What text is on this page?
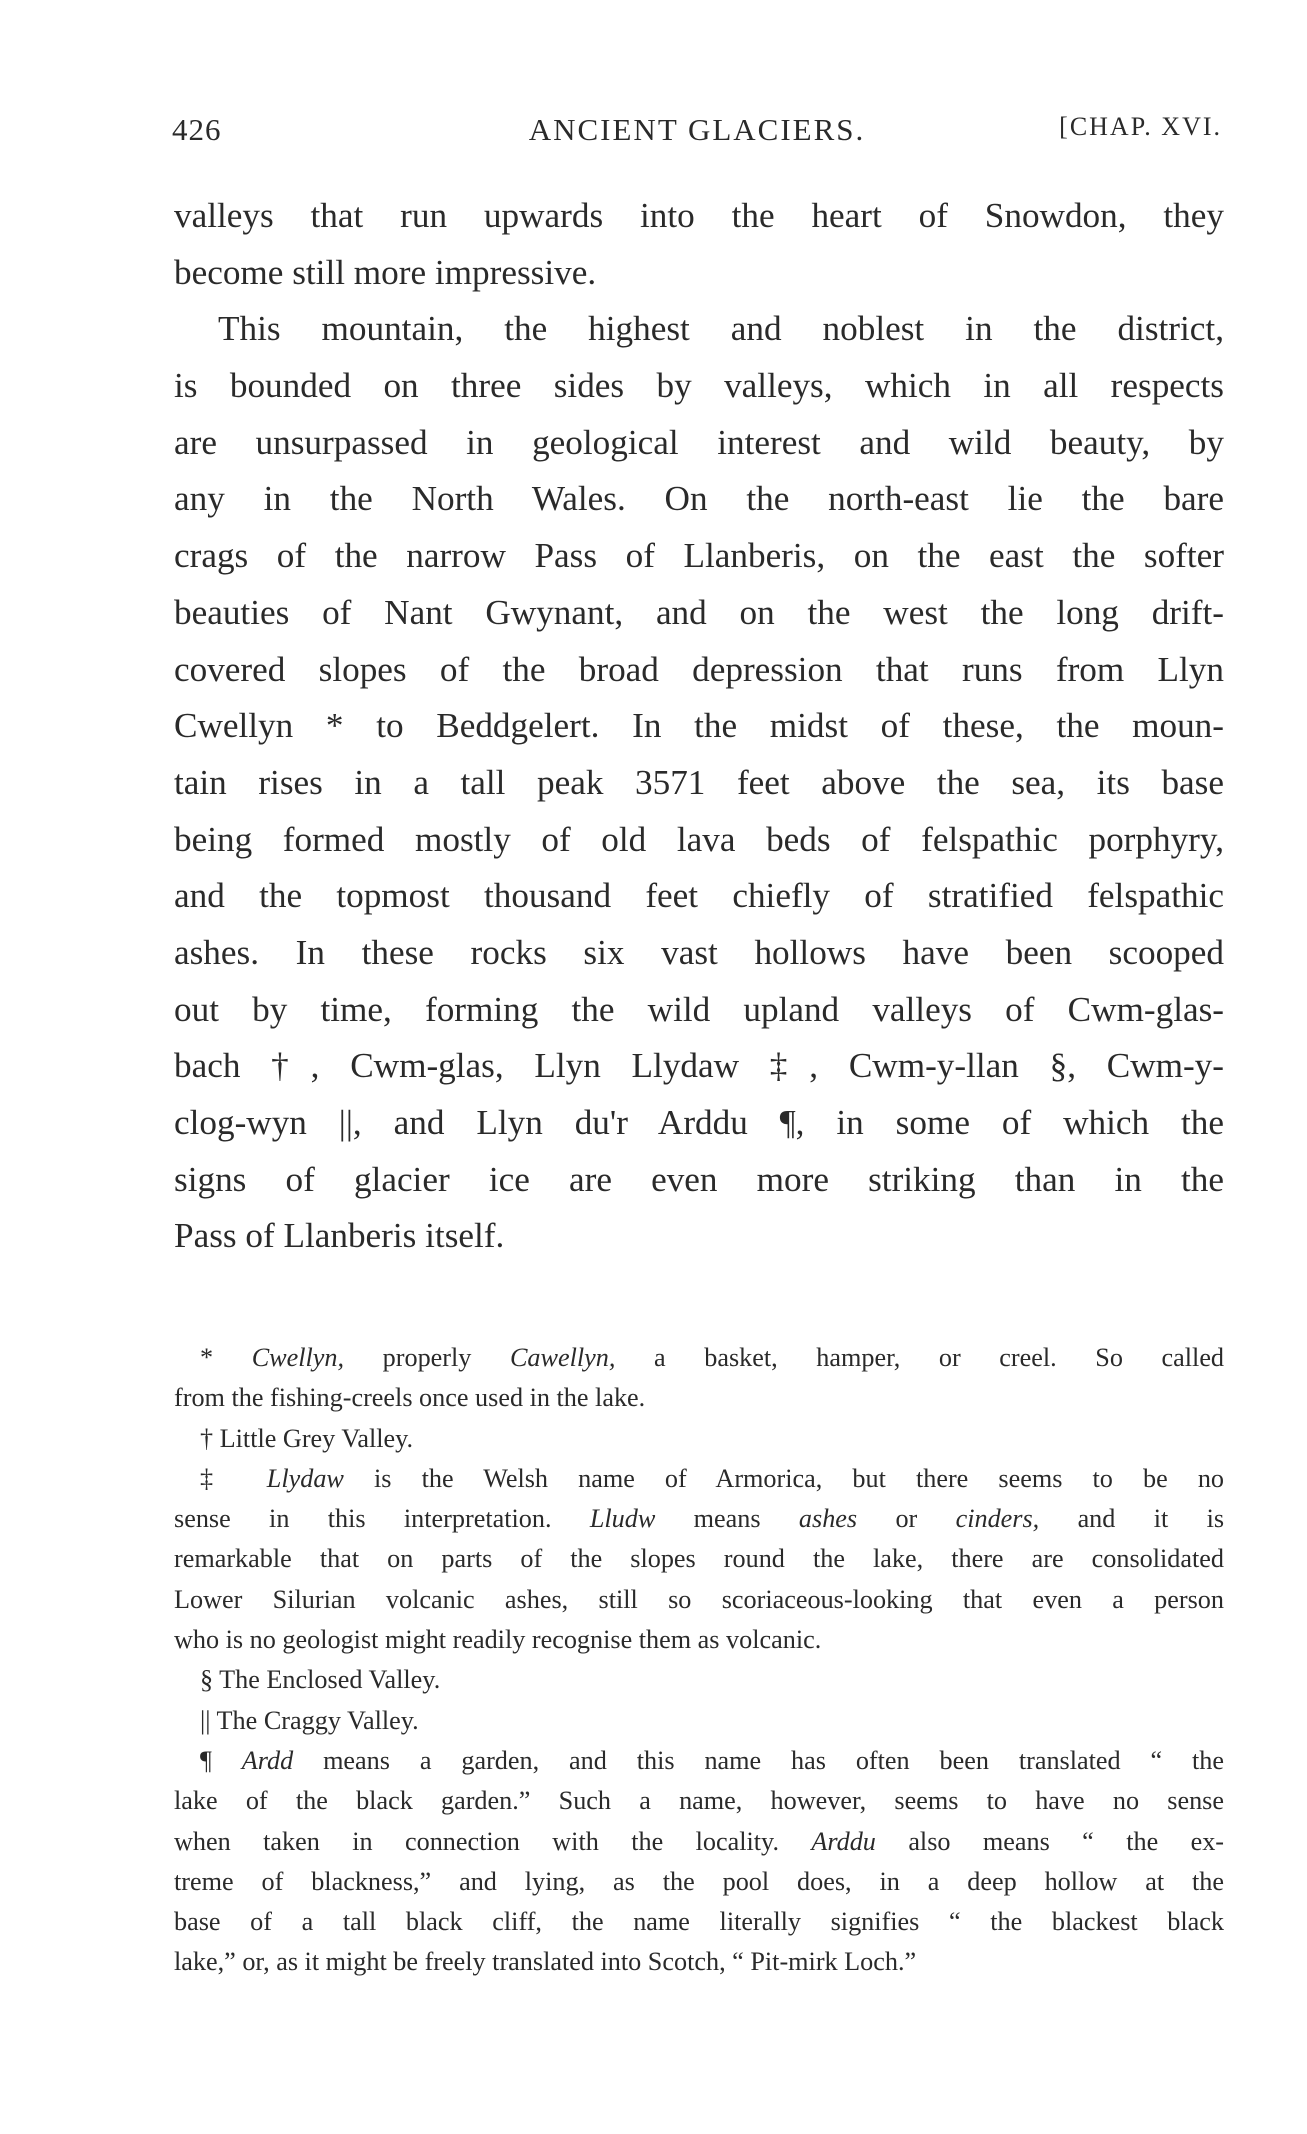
426	ANCIENT GLACIERS.	[CHAP. XVI.
valleys that run upwards into the heart of Snowdon, they
become still more impressive.
This mountain, the highest and noblest in the district,
is bounded on three sides by valleys, which in all respects
are unsurpassed in geological interest and wild beauty, by
any in the North Wales. On the north-east lie the bare
crags of the narrow Pass of Llanberis, on the east the softer
beauties of Nant Gwynant, and on the west the long drift-
covered slopes of the broad depression that runs from Llyn
Cwellyn * to Beddgelert. In the midst of these, the moun-
tain rises in a tall peak 3571 feet above the sea, its base
being formed mostly of old lava beds of felspathic porphyry,
and the topmost thousand feet chiefly of stratified felspathic
ashes. In these rocks six vast hollows have been scooped
out by time, forming the wild upland valleys of Cwm-glas-
bach †, Cwm-glas, Llyn Llydaw ‡, Cwm-y-llan §, Cwm-y-
clog-wyn ||, and Llyn du'r Arddu ¶, in some of which the
signs of glacier ice are even more striking than in the
Pass of Llanberis itself.
* Cwellyn, properly Cawellyn, a basket, hamper, or creel. So called
from the fishing-creels once used in the lake.
† Little Grey Valley.
‡ Llydaw is the Welsh name of Armorica, but there seems to be no
sense in this interpretation. Lludw means ashes or cinders, and it is
remarkable that on parts of the slopes round the lake, there are consolidated
Lower Silurian volcanic ashes, still so scoriaceous-looking that even a person
who is no geologist might readily recognise them as volcanic.
§ The Enclosed Valley.
|| The Craggy Valley.
¶ Ardd means a garden, and this name has often been translated “ the
lake of the black garden.” Such a name, however, seems to have no sense
when taken in connection with the locality. Arddu also means “ the ex-
treme of blackness,” and lying, as the pool does, in a deep hollow at the
base of a tall black cliff, the name literally signifies “ the blackest black
lake,” or, as it might be freely translated into Scotch, “ Pit-mirk Loch.”
